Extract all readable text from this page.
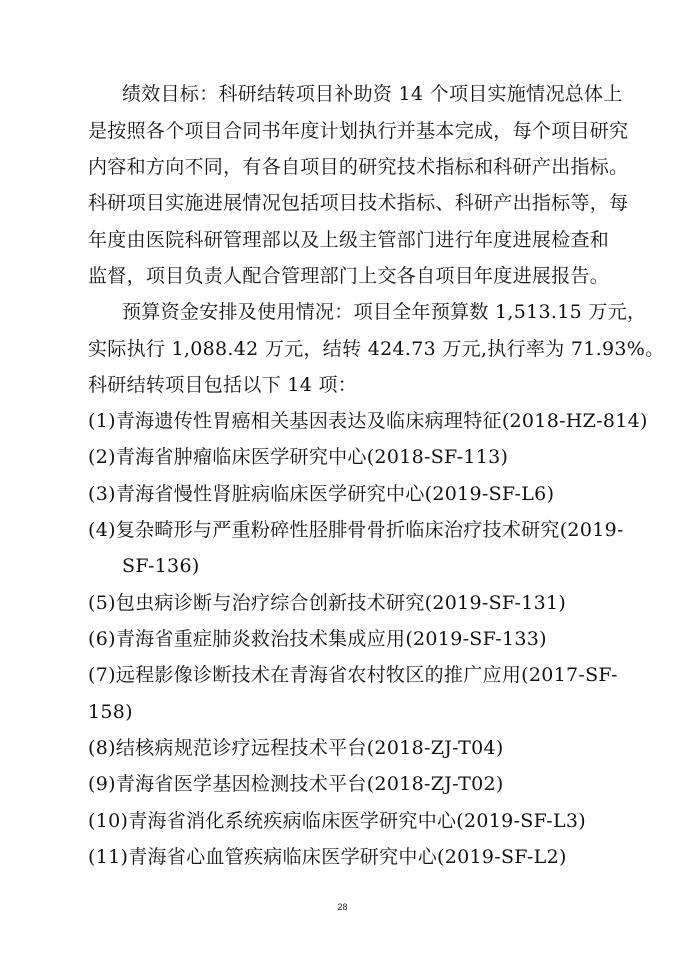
绩效目标：科研结转项目补助资 14 个项目实施情况总体上
是按照各个项目合同书年度计划执行并基本完成，每个项目研究
内容和方向不同，有各自项目的研究技术指标和科研产出指标。
科研项目实施进展情况包括项目技术指标、科研产出指标等，每
年度由医院科研管理部以及上级主管部门进行年度进展检查和
监督，项目负责人配合管理部门上交各自项目年度进展报告。
预算资金安排及使用情况：项目全年预算数 1,513.15 万元，
实际执行 1,088.42 万元，结转 424.73 万元,执行率为 71.93%。
科研结转项目包括以下 14 项：
(1)青海遗传性胃癌相关基因表达及临床病理特征(2018-HZ-814)
(2)青海省肿瘤临床医学研究中心(2018-SF-113)
(3)青海省慢性肾脏病临床医学研究中心(2019-SF-L6)
(4)复杂畸形与严重粉碎性胫腓骨骨折临床治疗技术研究(2019-
SF-136)
(5)包虫病诊断与治疗综合创新技术研究(2019-SF-131)
(6)青海省重症肺炎救治技术集成应用(2019-SF-133)
(7)远程影像诊断技术在青海省农村牧区的推广应用(2017-SF-
158)
(8)结核病规范诊疗远程技术平台(2018-ZJ-T04)
(9)青海省医学基因检测技术平台(2018-ZJ-T02)
(10)青海省消化系统疾病临床医学研究中心(2019-SF-L3)
(11)青海省心血管疾病临床医学研究中心(2019-SF-L2)
28
